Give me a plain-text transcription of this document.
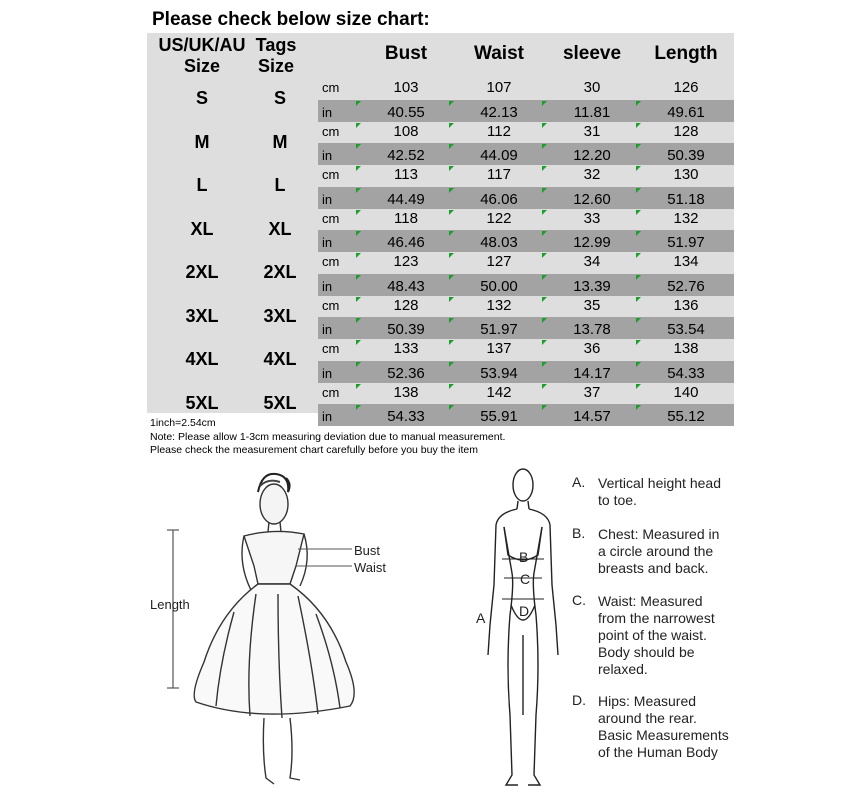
Please check below size chart:
US/UK/AU
Size
Tags
Size
Bust	Waist	sleeve	Length
S	S
cm	103	107	30	126
in	40.55	42.13	11.81	49.61
M	M
cm	108	112	31	128
in	42.52	44.09	12.20	50.39
L	L
cm	113	117	32	130
in	44.49	46.06	12.60	51.18
XL	XL
cm	118	122	33	132
in	46.46	48.03	12.99	51.97
2XL	2XL
cm	123	127	34	134
in	48.43	50.00	13.39	52.76
3XL	3XL
cm	128	132	35	136
in	50.39	51.97	13.78	53.54
4XL	4XL
cm	133	137	36	138
in	52.36	53.94	14.17	54.33
5XL	5XL
cm	138	142	37	140
in	54.33	55.91	14.57	55.12
1inch=2.54cm
Note: Please allow 1-3cm measuring deviation due to manual measurement.
Please check the measurement chart carefully before you buy the item
Bust
Waist
Length
B
C
D
A
A. Vertical height head
to toe.
B. Chest: Measured in
a circle around the
breasts and back.
C. Waist: Measured
from the narrowest
point of the waist.
Body should be
relaxed.
D. Hips: Measured
around the rear.
Basic Measurements
of the Human Body
